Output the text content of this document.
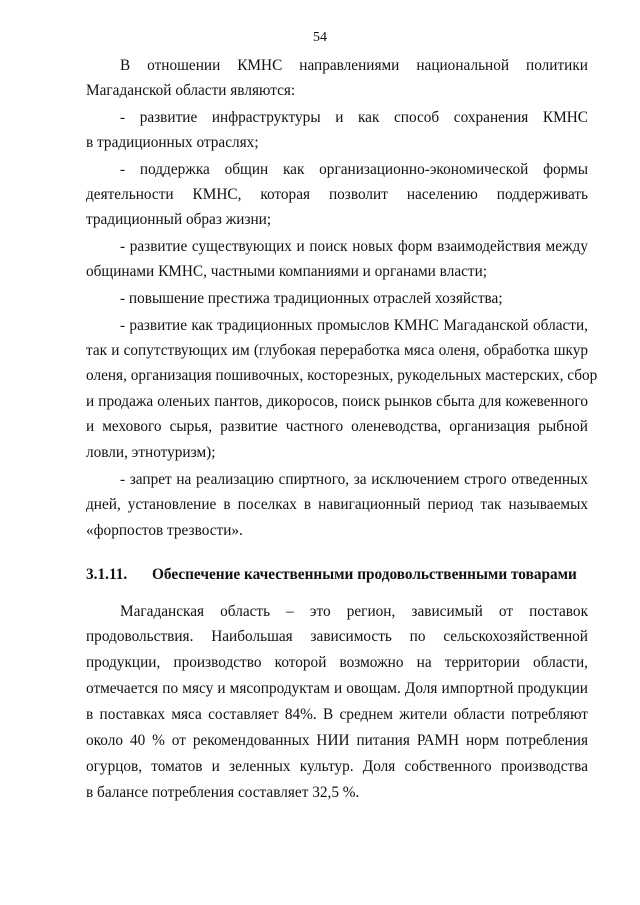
54
В отношении КМНС направлениями национальной политики
Магаданской области являются:
- развитие инфраструктуры и как способ сохранения КМНС
в традиционных отраслях;
- поддержка общин как организационно-экономической формы
деятельности КМНС, которая позволит населению поддерживать
традиционный образ жизни;
- развитие существующих и поиск новых форм взаимодействия между
общинами КМНС, частными компаниями и органами власти;
- повышение престижа традиционных отраслей хозяйства;
- развитие как традиционных промыслов КМНС Магаданской области,
так и сопутствующих им (глубокая переработка мяса оленя, обработка шкур
оленя, организация пошивочных, косторезных, рукодельных мастерских, сбор
и продажа оленьих пантов, дикоросов, поиск рынков сбыта для кожевенного
и мехового сырья, развитие частного оленеводства, организация рыбной
ловли, этнотуризм);
- запрет на реализацию спиртного, за исключением строго отведенных
дней, установление в поселках в навигационный период так называемых
«форпостов трезвости».
3.1.11. Обеспечение качественными продовольственными товарами
Магаданская область – это регион, зависимый от поставок
продовольствия. Наибольшая зависимость по сельскохозяйственной
продукции, производство которой возможно на территории области,
отмечается по мясу и мясопродуктам и овощам. Доля импортной продукции
в поставках мяса составляет 84%. В среднем жители области потребляют
около 40 % от рекомендованных НИИ питания РАМН норм потребления
огурцов, томатов и зеленных культур. Доля собственного производства
в балансе потребления составляет 32,5 %.
